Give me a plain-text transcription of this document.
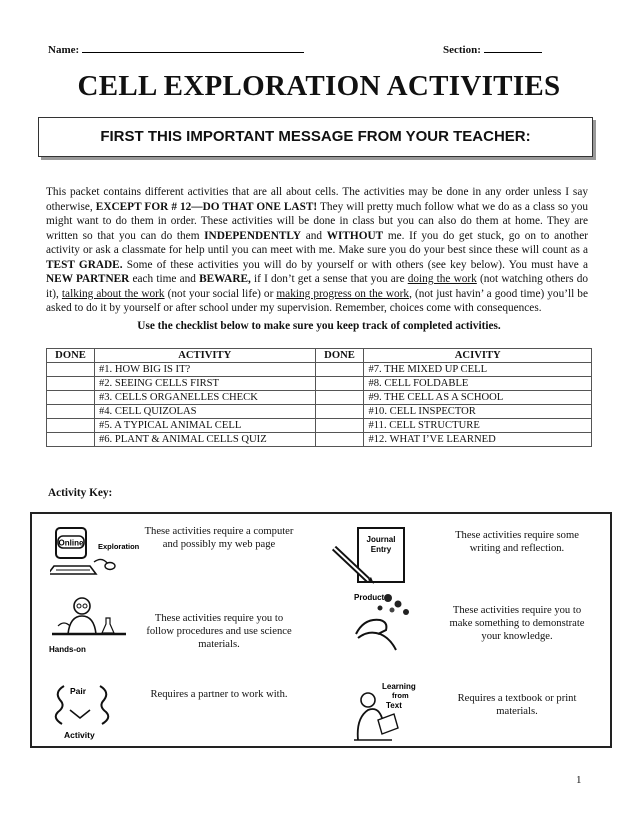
Name:	Section:
CELL EXPLORATION ACTIVITIES
FIRST THIS IMPORTANT MESSAGE FROM YOUR TEACHER:
This packet contains different activities that are all about cells. The activities may be done in any order unless I say otherwise, EXCEPT FOR # 12—DO THAT ONE LAST! They will pretty much follow what we do as a class so you might want to do them in order. These activities will be done in class but you can also do them at home. They are written so that you can do them INDEPENDENTLY and WITHOUT me. If you do get stuck, go on to another activity or ask a classmate for help until you can meet with me. Make sure you do your best since these will count as a TEST GRADE. Some of these activities you will do by yourself or with others (see key below). You must have a NEW PARTNER each time and BEWARE, if I don’t get a sense that you are doing the work (not watching others do it), talking about the work (not your social life) or making progress on the work, (not just havin’ a good time) you’ll be asked to do it by yourself or after school under my supervision. Remember, choices come with consequences.
Use the checklist below to make sure you keep track of completed activities.
DONE	ACTIVITY	DONE	ACIVITY
	#1. HOW BIG IS IT?		#7. THE MIXED UP CELL
	#2. SEEING CELLS FIRST		#8. CELL FOLDABLE
	#3. CELLS ORGANELLES CHECK		#9. THE CELL AS A SCHOOL
	#4. CELL QUIZOLAS		#10. CELL INSPECTOR
	#5. A TYPICAL ANIMAL CELL		#11. CELL STRUCTURE
	#6. PLANT & ANIMAL CELLS QUIZ		#12. WHAT I’VE LEARNED
Activity Key:
Online Exploration
These activities require a computer and possibly my web page	Journal
Entry
These activities require some writing and reflection.
Hands-on
These activities require you to follow procedures and use science materials.
Product
These activities require you to make something to demonstrate your knowledge.
Pair
Activity
Requires a partner to work with.
Learning
from
Text
Requires a textbook or print materials.
1
